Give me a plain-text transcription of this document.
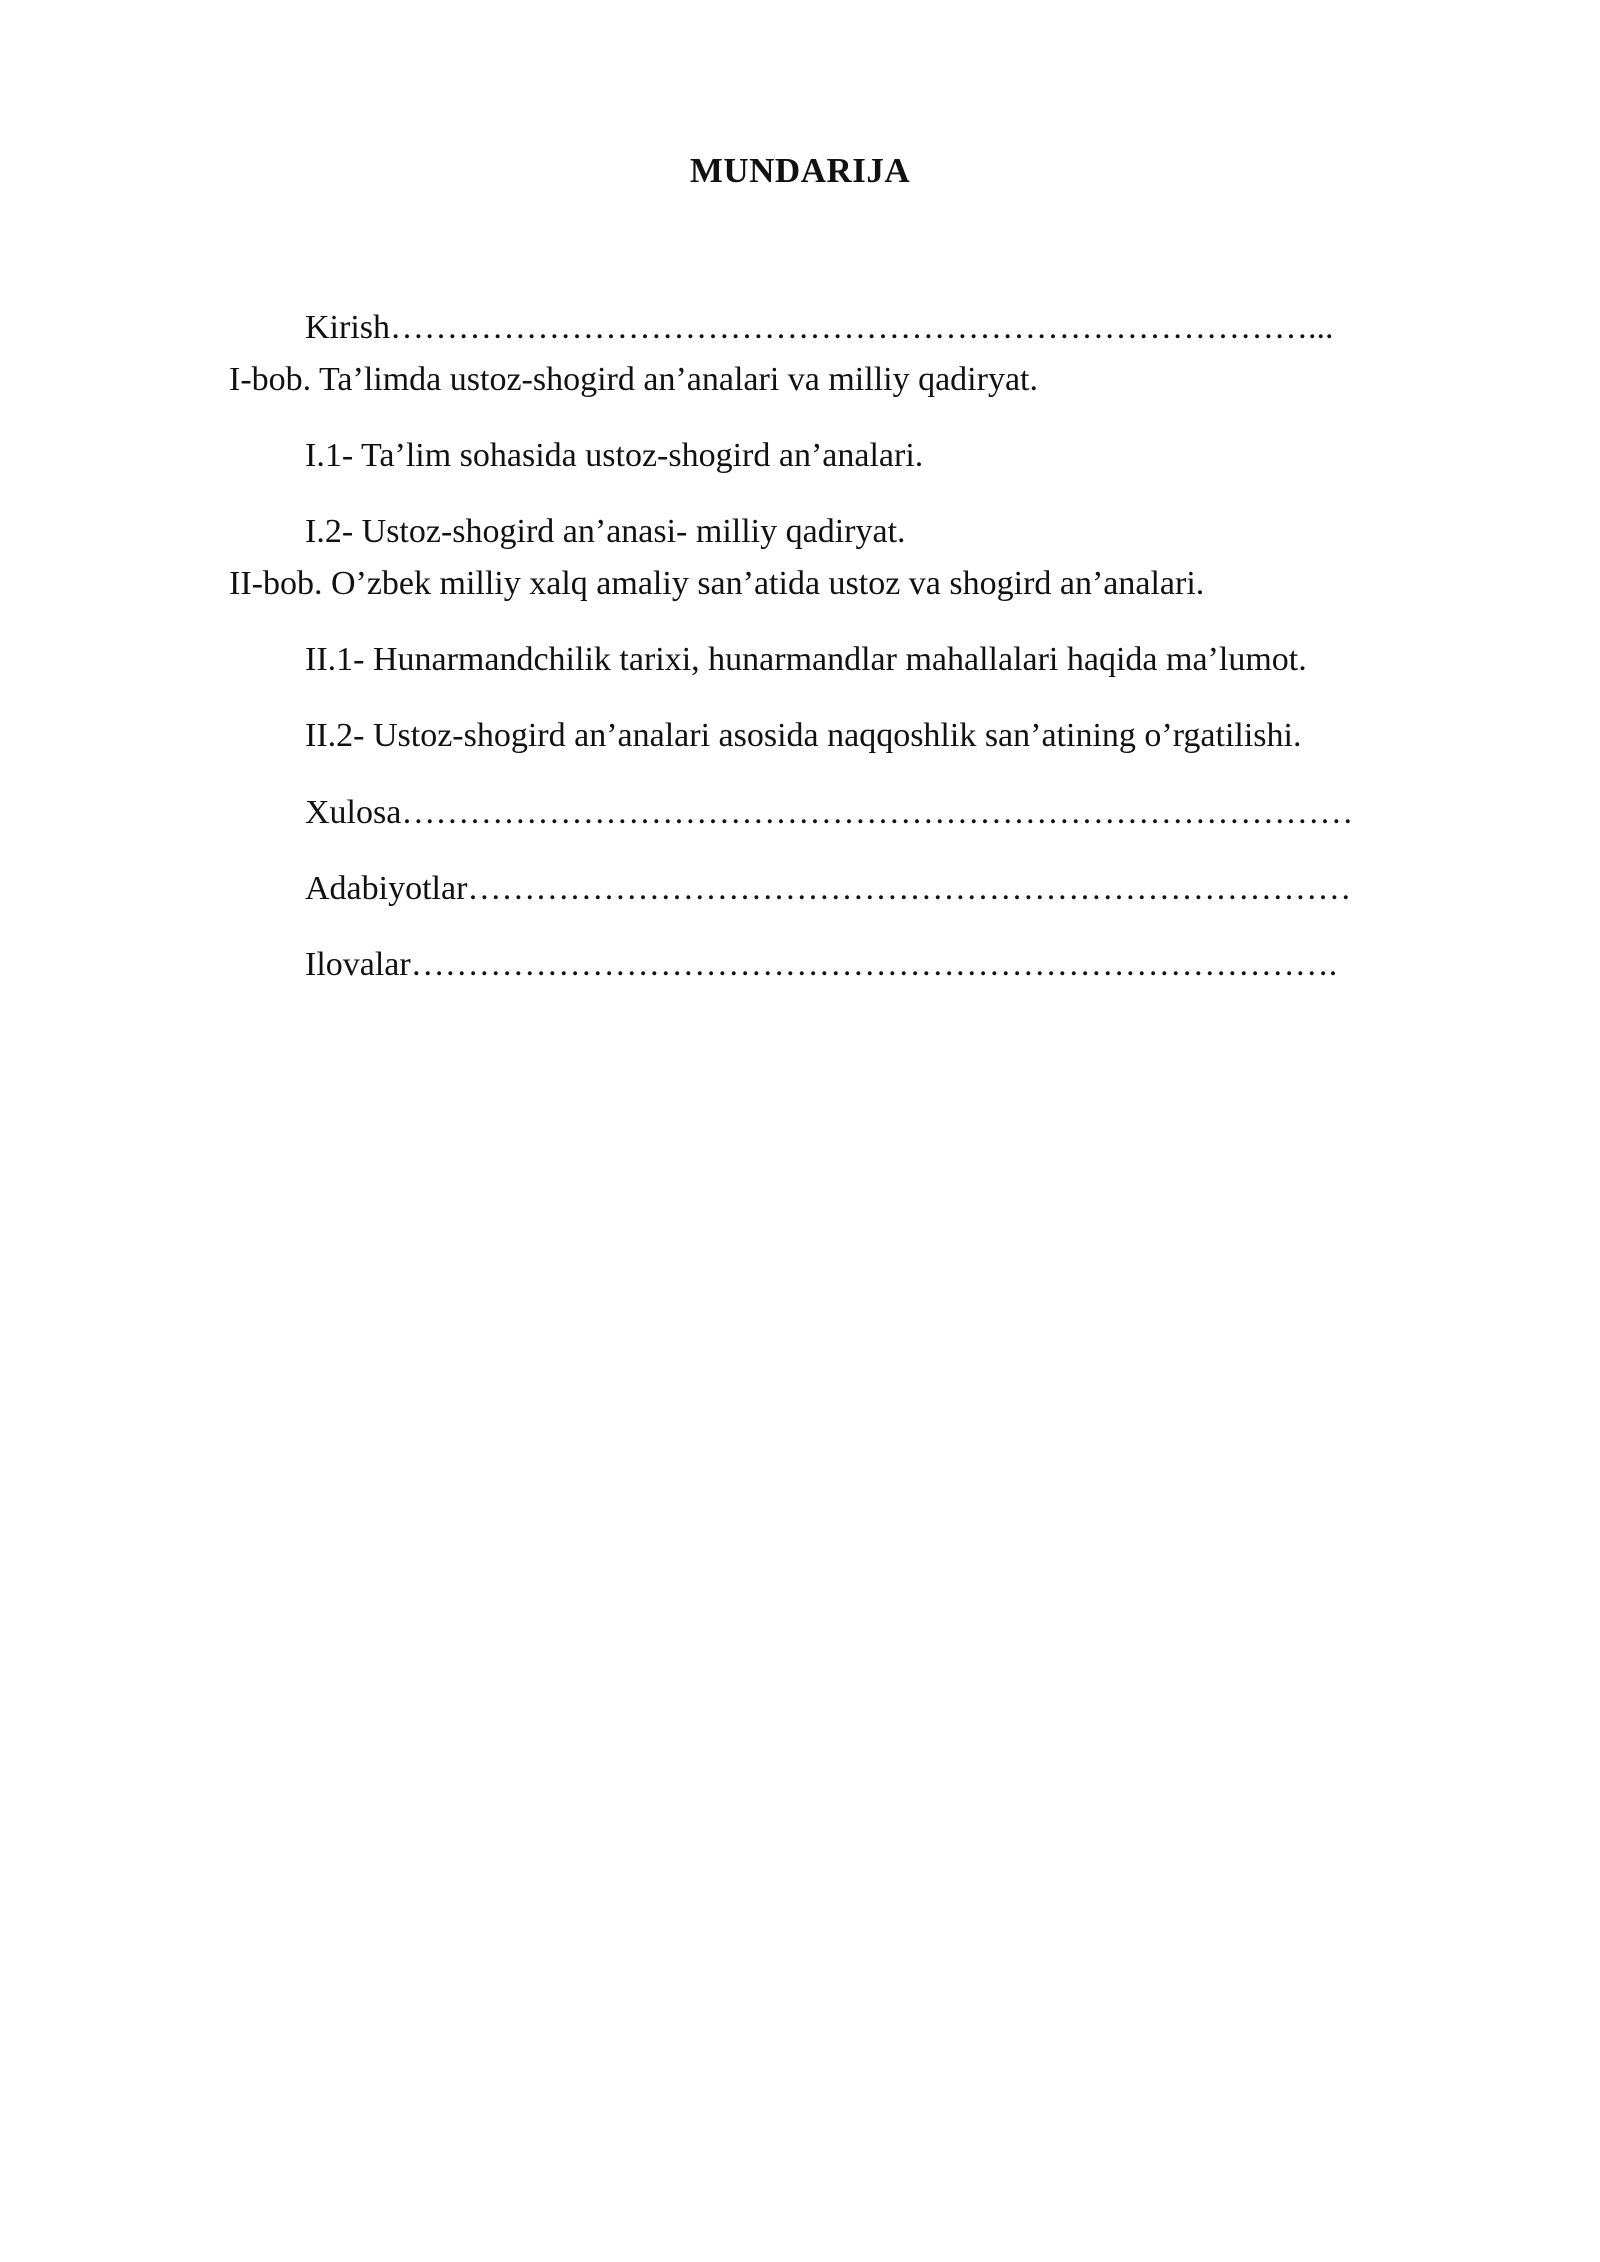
MUNDARIJA
Kirish………………………………………………………………………...
I-bob. Ta’limda ustoz-shogird an’analari va milliy qadiryat.
I.1- Ta’lim sohasida ustoz-shogird an’analari.
I.2- Ustoz-shogird an’anasi- milliy qadiryat.
II-bob. O’zbek milliy xalq amaliy san’atida ustoz va shogird an’analari.
II.1- Hunarmandchilik tarixi, hunarmandlar mahallalari haqida ma’lumot.
II.2- Ustoz-shogird an’analari asosida naqqoshlik san’atining o’rgatilishi.
Xulosa…………………………………………………………………………
Adabiyotlar……………………………………………………………………
Ilovalar……………………………………………………………………….
